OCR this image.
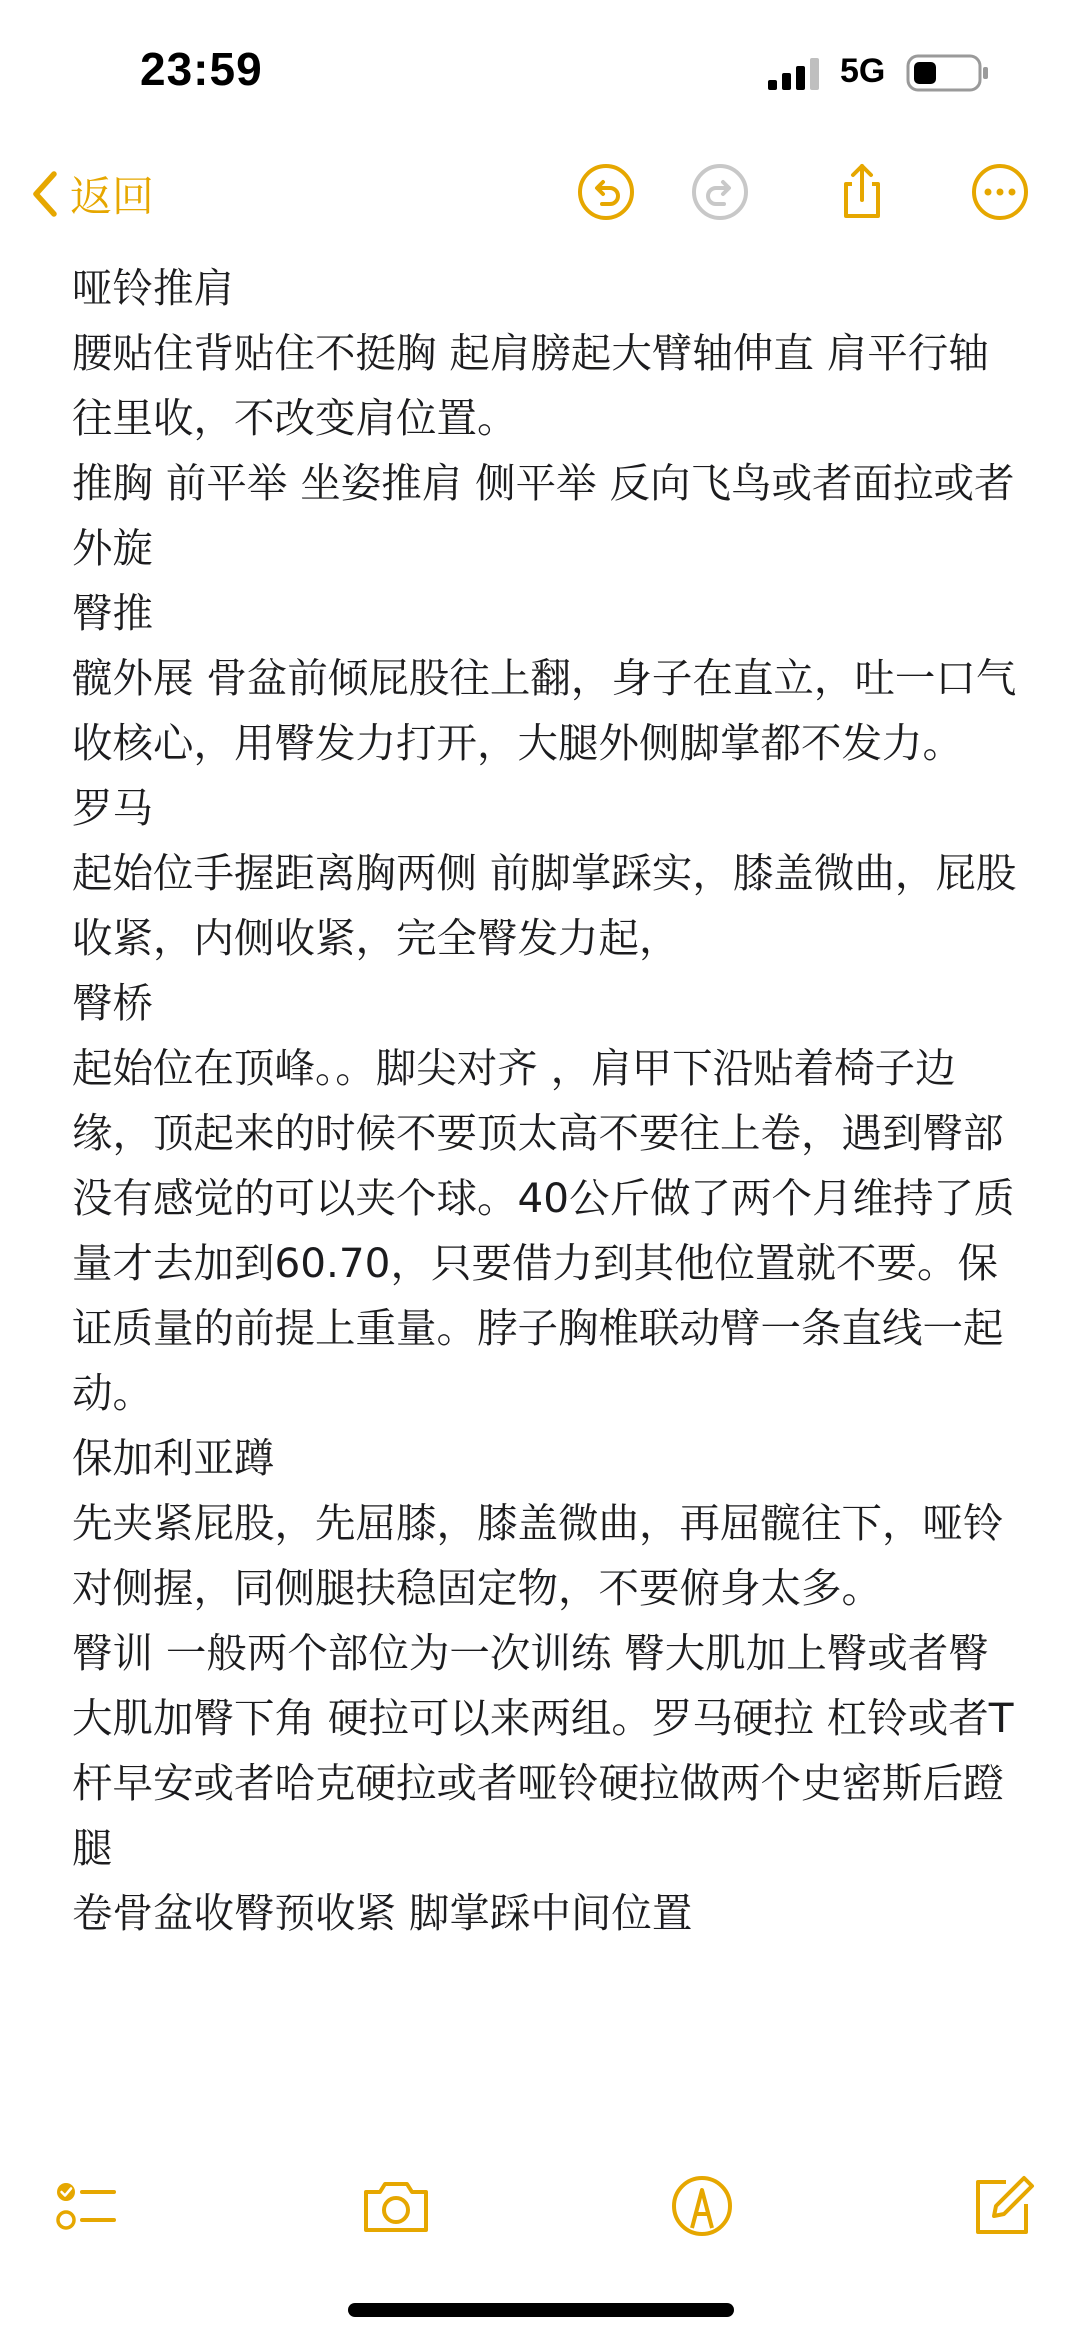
23:59	5G
返回

哑铃推肩

腰贴住背贴住不挺胸 起肩膀起大臂轴伸直 肩平行轴往里收，不改变肩位置。

推胸 前平举 坐姿推肩 侧平举 反向飞鸟或者面拉或者外旋

臀推

髋外展 骨盆前倾屁股往上翻，身子在直立，吐一口气收核心，用臀发力打开，大腿外侧脚掌都不发力。

罗马

起始位手握距离胸两侧 前脚掌踩实，膝盖微曲，屁股收紧，内侧收紧，完全臀发力起，

臀桥

起始位在顶峰。。脚尖对齐 ，肩甲下沿贴着椅子边缘，顶起来的时候不要顶太高不要往上卷，遇到臀部没有感觉的可以夹个球。40公斤做了两个月维持了质量才去加到60.70，只要借力到其他位置就不要。保证质量的前提上重量。脖子胸椎联动臂一条直线一起动。

保加利亚蹲

先夹紧屁股，先屈膝，膝盖微曲，再屈髋往下，哑铃对侧握，同侧腿扶稳固定物，不要俯身太多。

臀训 一般两个部位为一次训练 臀大肌加上臀或者臀大肌加臀下角 硬拉可以来两组。罗马硬拉 杠铃或者T杆早安或者哈克硬拉或者哑铃硬拉做两个史密斯后蹬腿

卷骨盆收臀预收紧 脚掌踩中间位置
